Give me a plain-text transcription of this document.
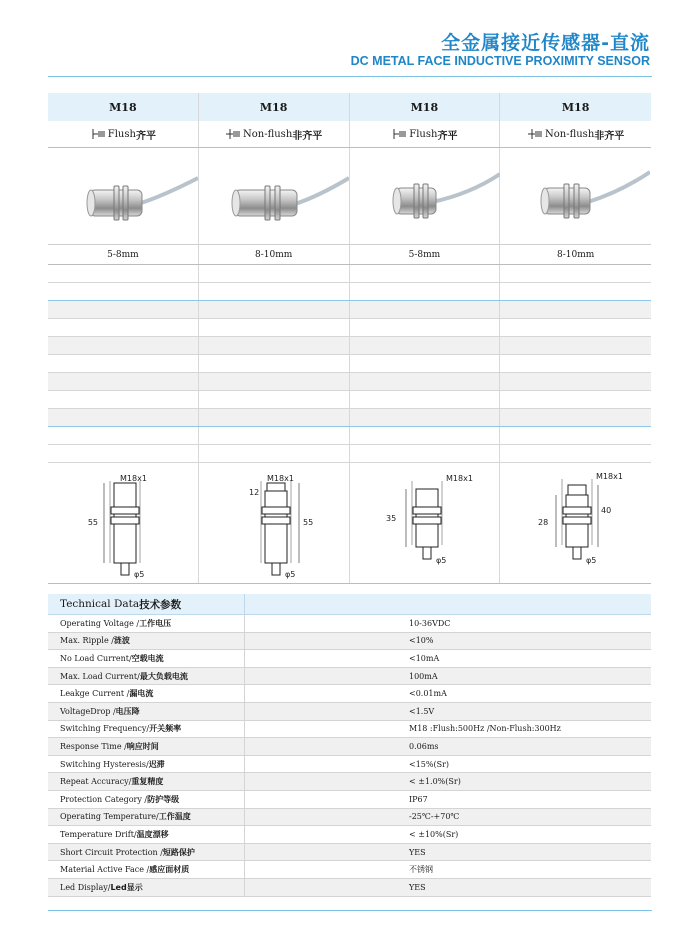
全金属接近传感器-直流
DC METAL FACE INDUCTIVE PROXIMITY SENSOR
M18	M18	M18	M18
Flush 齐平	Non-flush 非齐平	Flush 齐平	Non-flush 非齐平
5-8mm	8-10mm	5-8mm	8-10mm
M18x1
55
φ5
M18x1
12
55
φ5
M18x1
35
φ5
M18x1
28
40
φ5
Technical Data 技术参数
Operating Voltage / 工作电压	10-36VDC
Max. Ripple / 涟波	<10%
No Load Current/ 空载电流	<10mA
Max. Load Current/ 最大负载电流	100mA
Leakge Current / 漏电流	<0.01mA
VoltageDrop / 电压降	<1.5V
Switching Frequency/ 开关频率	M18 :Flush:500Hz /Non-Flush:300Hz
Response Time / 响应时间	0.06ms
Switching Hysteresis/ 迟滞	<15%(Sr)
Repeat Accuracy/ 重复精度	< ±1.0%(Sr)
Protection Category / 防护等级	IP67
Operating Temperature/ 工作温度	-25℃-+70℃
Temperature Drift/ 温度漂移	< ±10%(Sr)
Short Circuit Protection / 短路保护	YES
Material Active Face / 感应面材质	不锈钢
Led Display/ Led显示	YES
